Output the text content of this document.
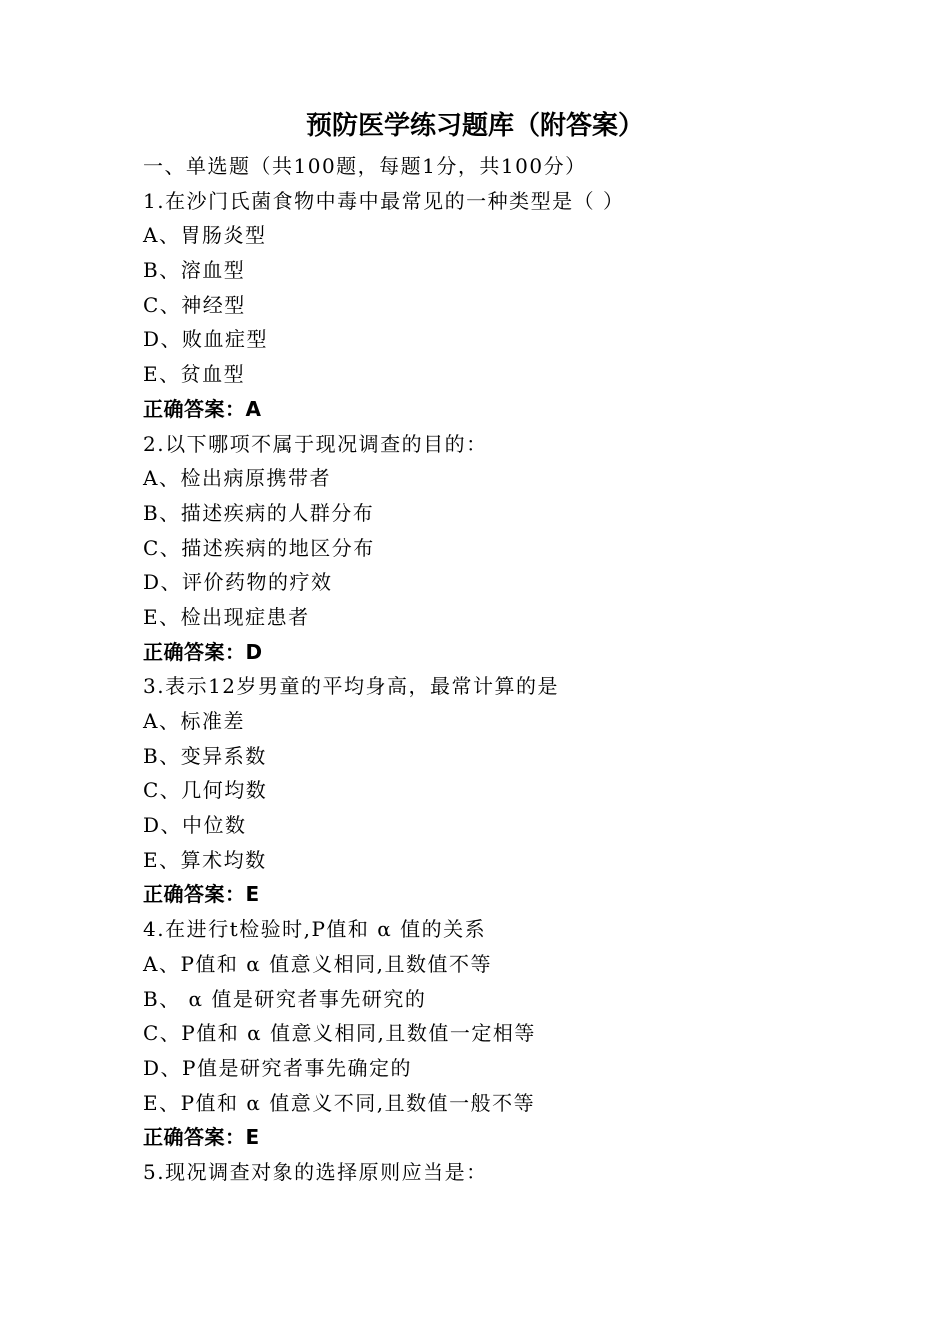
预防医学练习题库（附答案）
一、单选题（共100题，每题1分，共100分）
1.在沙门氏菌食物中毒中最常见的一种类型是（ ）
A、胃肠炎型
B、溶血型
C、神经型
D、败血症型
E、贫血型
正确答案：A
2.以下哪项不属于现况调查的目的：
A、检出病原携带者
B、描述疾病的人群分布
C、描述疾病的地区分布
D、评价药物的疗效
E、检出现症患者
正确答案：D
3.表示12岁男童的平均身高，最常计算的是
A、标准差
B、变异系数
C、几何均数
D、中位数
E、算术均数
正确答案：E
4.在进行t检验时,P值和 α 值的关系
A、P值和 α 值意义相同,且数值不等
B、 α 值是研究者事先研究的
C、P值和 α 值意义相同,且数值一定相等
D、P值是研究者事先确定的
E、P值和 α 值意义不同,且数值一般不等
正确答案：E
5.现况调查对象的选择原则应当是：
